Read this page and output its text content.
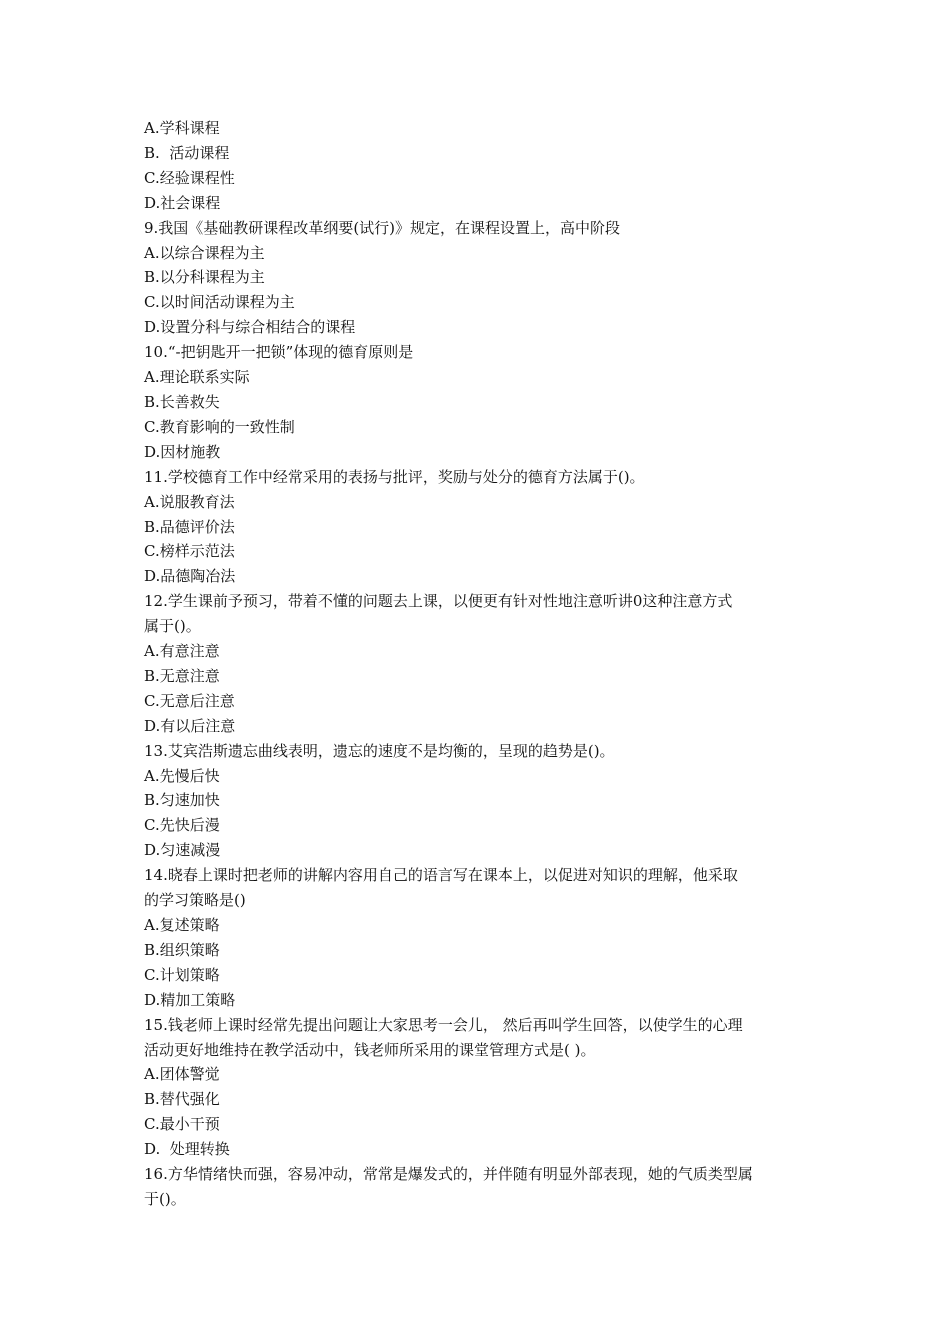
A.学科课程

B.  活动课程

C.经验课程性

D.社会课程

9.我国《基础教研课程改革纲要(试行)》规定，在课程设置上，高中阶段

A.以综合课程为主

B.以分科课程为主

C.以时间活动课程为主

D.设置分科与综合相结合的课程

10.“-把钥匙开一把锁”体现的德育原则是

A.理论联系实际

B.长善救失

C.教育影响的一致性制

D.因材施教

11.学校德育工作中经常采用的表扬与批评，奖励与处分的德育方法属于()。

A.说服教育法

B.品德评价法

C.榜样示范法

D.品德陶冶法

12.学生课前予预习，带着不懂的问题去上课，以便更有针对性地注意听讲0这种注意方式

属于()。

A.有意注意

B.无意注意

C.无意后注意

D.有以后注意

13.艾宾浩斯遗忘曲线表明，遗忘的速度不是均衡的，呈现的趋势是()。

A.先慢后快

B.匀速加快

C.先快后漫

D.匀速减漫

14.晓春上课时把老师的讲解内容用自己的语言写在课本上，以促进对知识的理解，他采取

的学习策略是()

A.复述策略

B.组织策略

C.计划策略

D.精加工策略

15.钱老师上课时经常先提出问题让大家思考一会儿， 然后再叫学生回答，以使学生的心理

活动更好地维持在教学活动中，钱老师所采用的课堂管理方式是( )。

A.团体警觉

B.替代强化

C.最小干预

D.  处理转换

16.方华情绪快而强，容易冲动，常常是爆发式的，并伴随有明显外部表现，她的气质类型属

于()。
